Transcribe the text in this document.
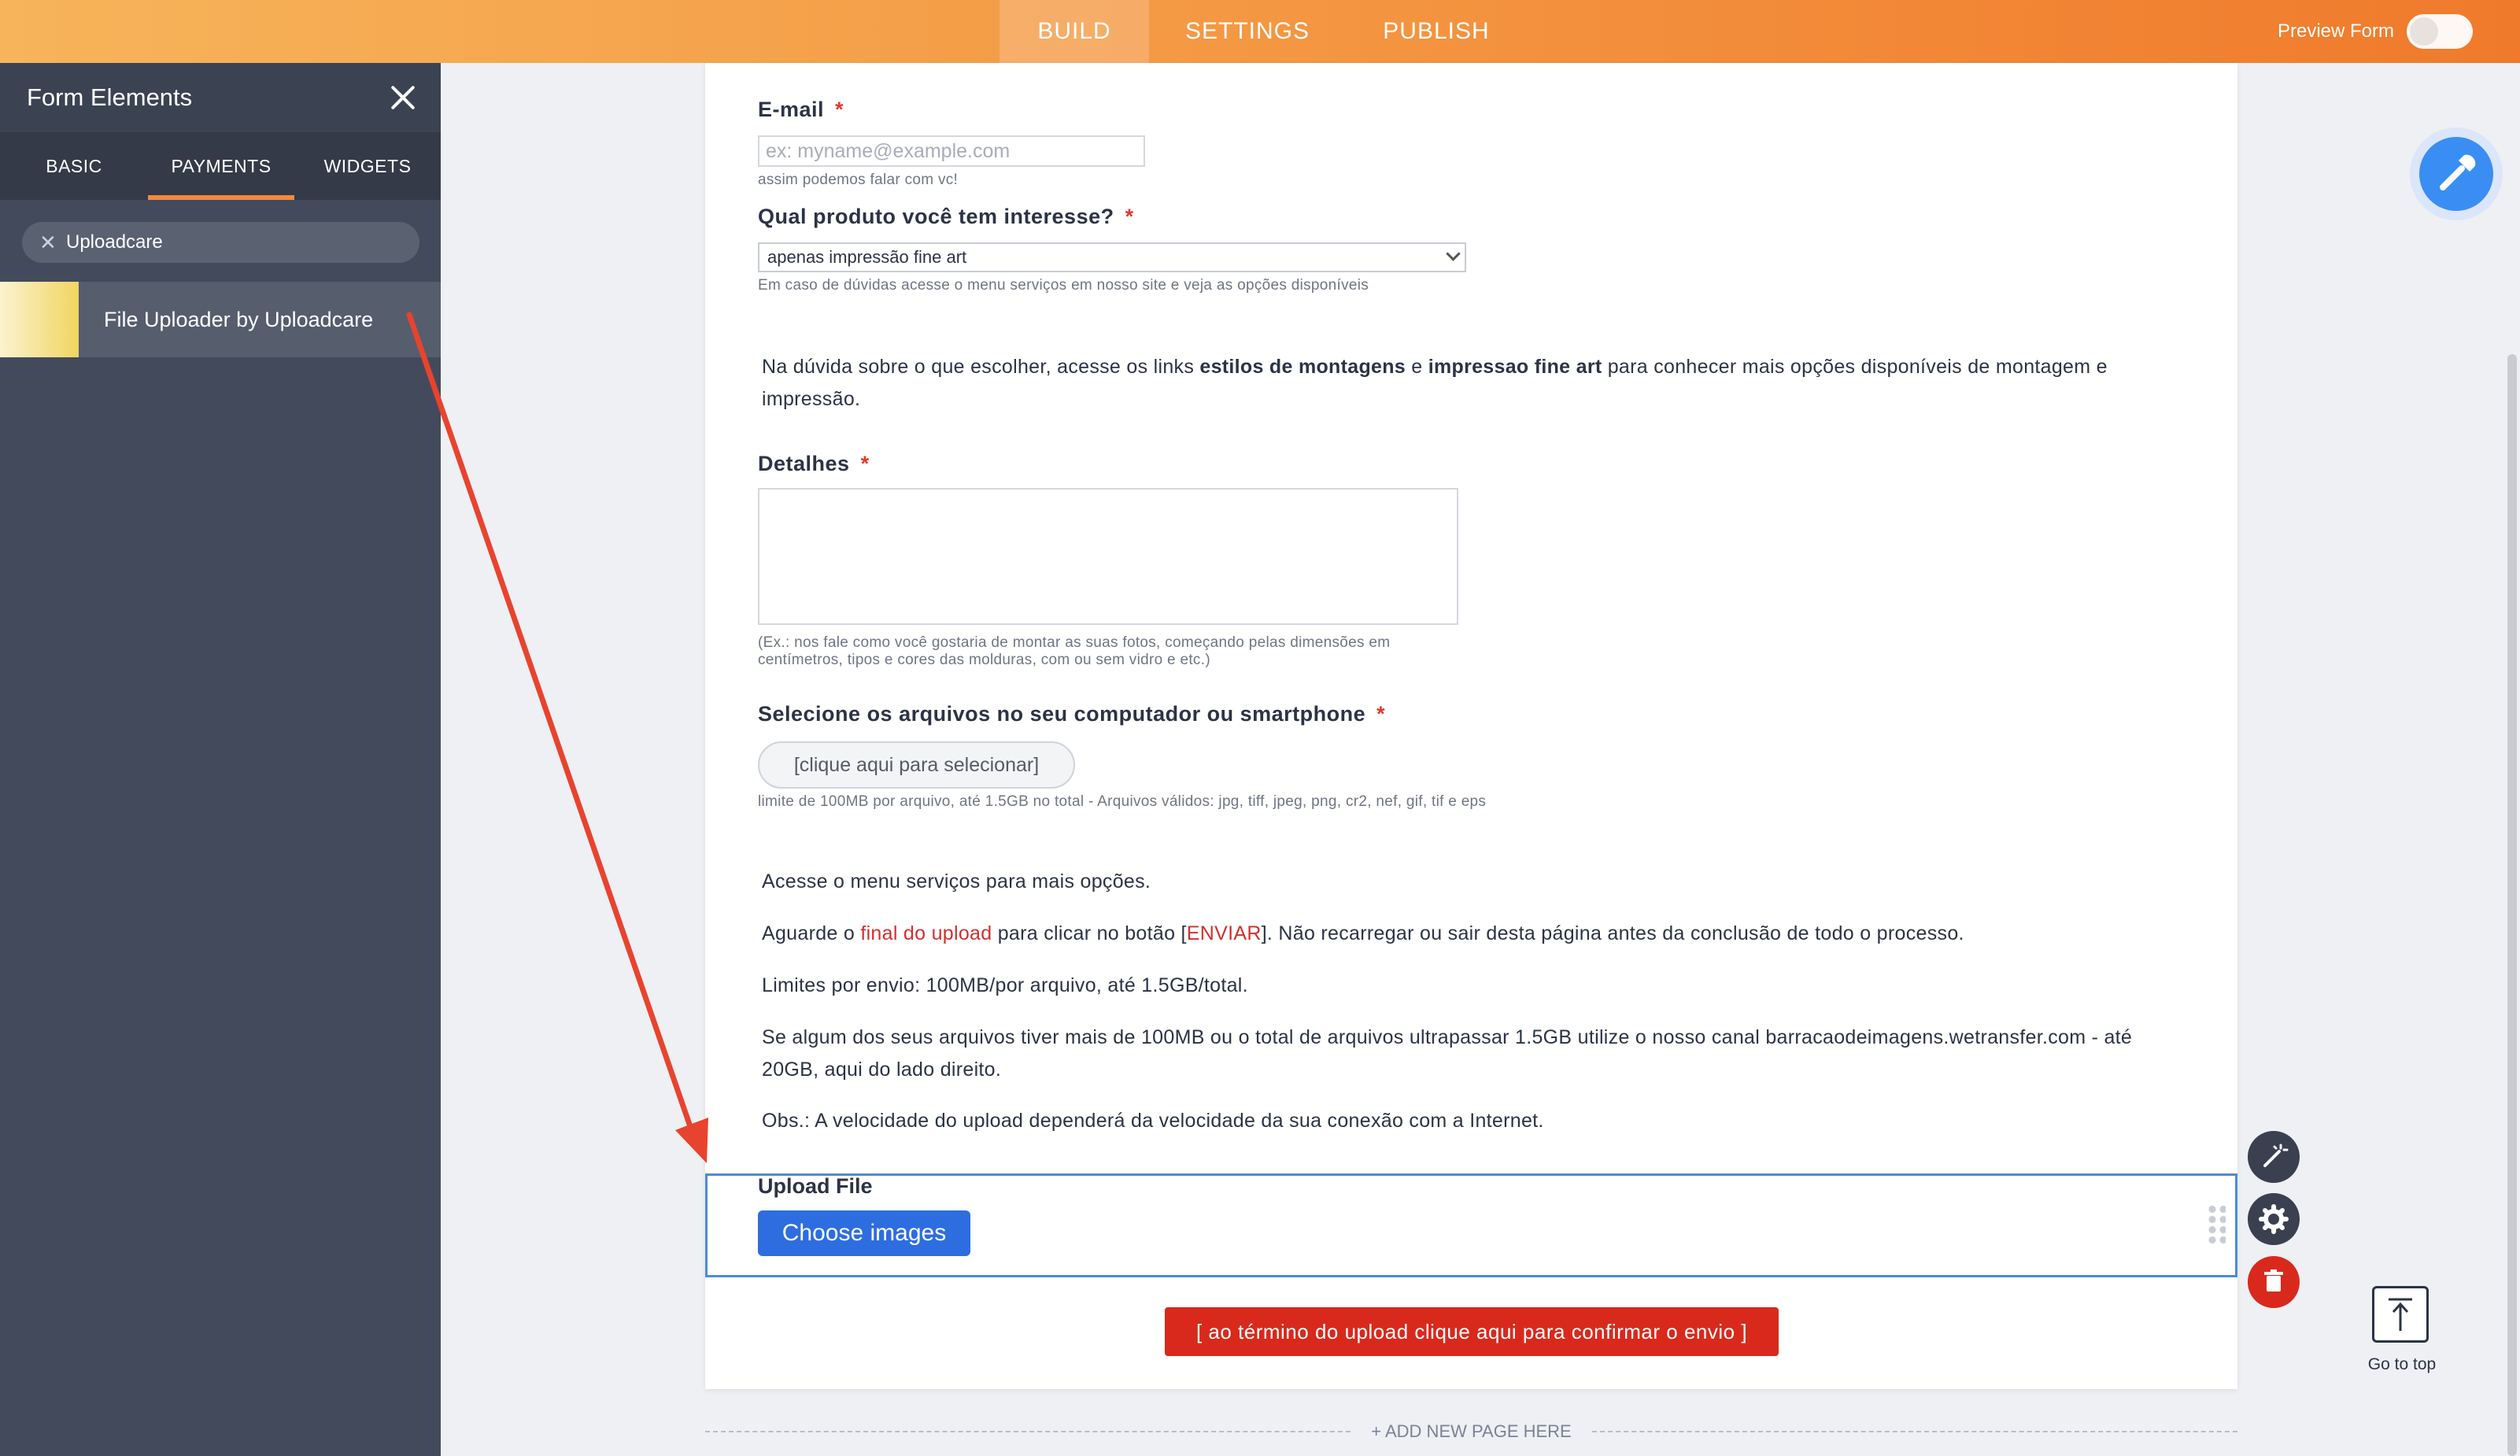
BUILD	SETTINGS	PUBLISH	Preview Form
Form Elements
BASIC	PAYMENTS	WIDGETS
✕ Uploadcare
File Uploader by Uploadcare
E-mail *
ex: myname@example.com
assim podemos falar com vc!
Qual produto você tem interesse? *
apenas impressão fine art
Em caso de dúvidas acesse o menu serviços em nosso site e veja as opções disponíveis
Na dúvida sobre o que escolher, acesse os links estilos de montagens e impressao fine art para conhecer mais opções disponíveis de montagem e impressão.
Detalhes *
(Ex.: nos fale como você gostaria de montar as suas fotos, começando pelas dimensões em
centímetros, tipos e cores das molduras, com ou sem vidro e etc.)
Selecione os arquivos no seu computador ou smartphone *
[clique aqui para selecionar]
limite de 100MB por arquivo, até 1.5GB no total - Arquivos válidos: jpg, tiff, jpeg, png, cr2, nef, gif, tif e eps
Acesse o menu serviços para mais opções.
Aguarde o final do upload para clicar no botão [ENVIAR]. Não recarregar ou sair desta página antes da conclusão de todo o processo.
Limites por envio: 100MB/por arquivo, até 1.5GB/total.
Se algum dos seus arquivos tiver mais de 100MB ou o total de arquivos ultrapassar 1.5GB utilize o nosso canal barracaodeimagens.wetransfer.com - até
20GB, aqui do lado direito.
Obs.: A velocidade do upload dependerá da velocidade da sua conexão com a Internet.
Upload File
Choose images
[ ao término do upload clique aqui para confirmar o envio ]
+ ADD NEW PAGE HERE
Go to top
